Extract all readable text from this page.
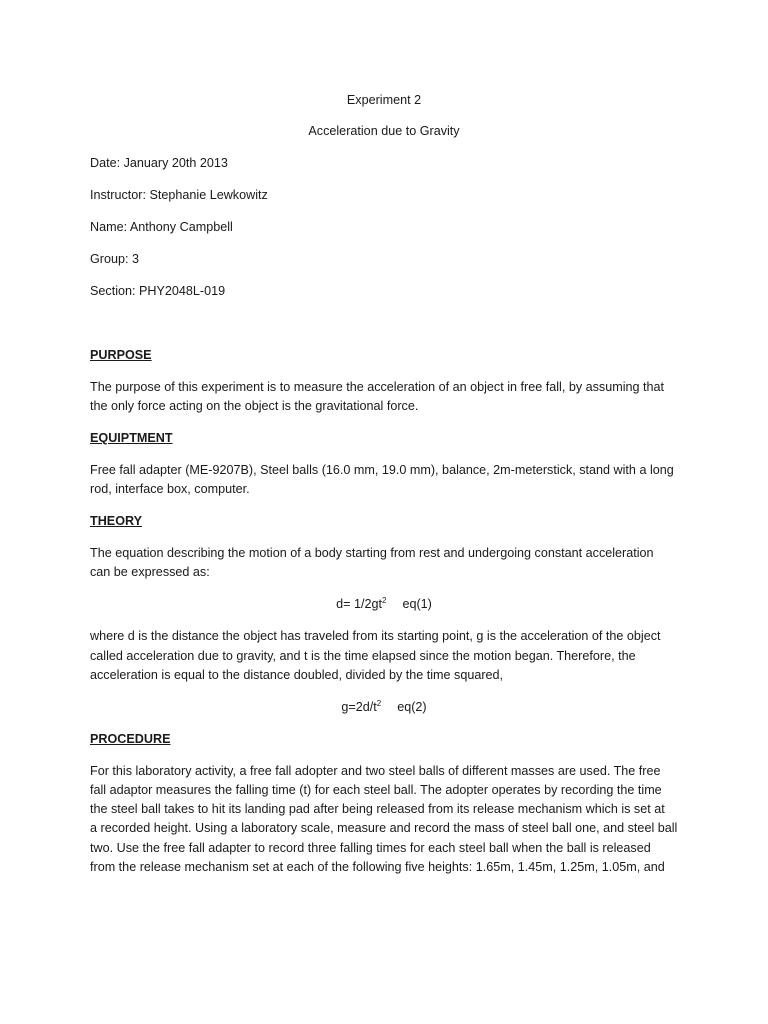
Experiment 2
Acceleration due to Gravity
Date: January 20th 2013
Instructor: Stephanie Lewkowitz
Name: Anthony Campbell
Group: 3
Section: PHY2048L-019
PURPOSE
The purpose of this experiment is to measure the acceleration of an object in free fall, by assuming that
the only force acting on the object is the gravitational force.
EQUIPTMENT
Free fall adapter (ME-9207B), Steel balls (16.0 mm, 19.0 mm), balance, 2m-meterstick, stand with a long
rod, interface box, computer.
THEORY
The equation describing the motion of a body starting from rest and undergoing constant acceleration
can be expressed as:
$d= 1/2gt^2$ eq(1)
where d is the distance the object has traveled from its starting point, g is the acceleration of the object
called acceleration due to gravity, and t is the time elapsed since the motion began. Therefore, the
acceleration is equal to the distance doubled, divided by the time squared,
$g=2d/t^2$ eq(2)
PROCEDURE
For this laboratory activity, a free fall adopter and two steel balls of different masses are used. The free
fall adaptor measures the falling time (t) for each steel ball. The adopter operates by recording the time
the steel ball takes to hit its landing pad after being released from its release mechanism which is set at
a recorded height. Using a laboratory scale, measure and record the mass of steel ball one, and steel ball
two. Use the free fall adapter to record three falling times for each steel ball when the ball is released
from the release mechanism set at each of the following five heights: 1.65m, 1.45m, 1.25m, 1.05m, and
